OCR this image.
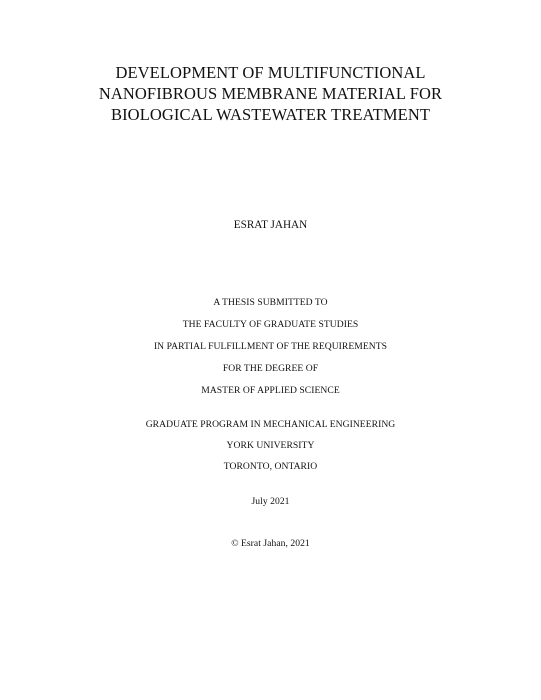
DEVELOPMENT OF MULTIFUNCTIONAL
NANOFIBROUS MEMBRANE MATERIAL FOR
BIOLOGICAL WASTEWATER TREATMENT
ESRAT JAHAN
A THESIS SUBMITTED TO
THE FACULTY OF GRADUATE STUDIES
IN PARTIAL FULFILLMENT OF THE REQUIREMENTS
FOR THE DEGREE OF
MASTER OF APPLIED SCIENCE
GRADUATE PROGRAM IN MECHANICAL ENGINEERING
YORK UNIVERSITY
TORONTO, ONTARIO
July 2021
© Esrat Jahan, 2021
